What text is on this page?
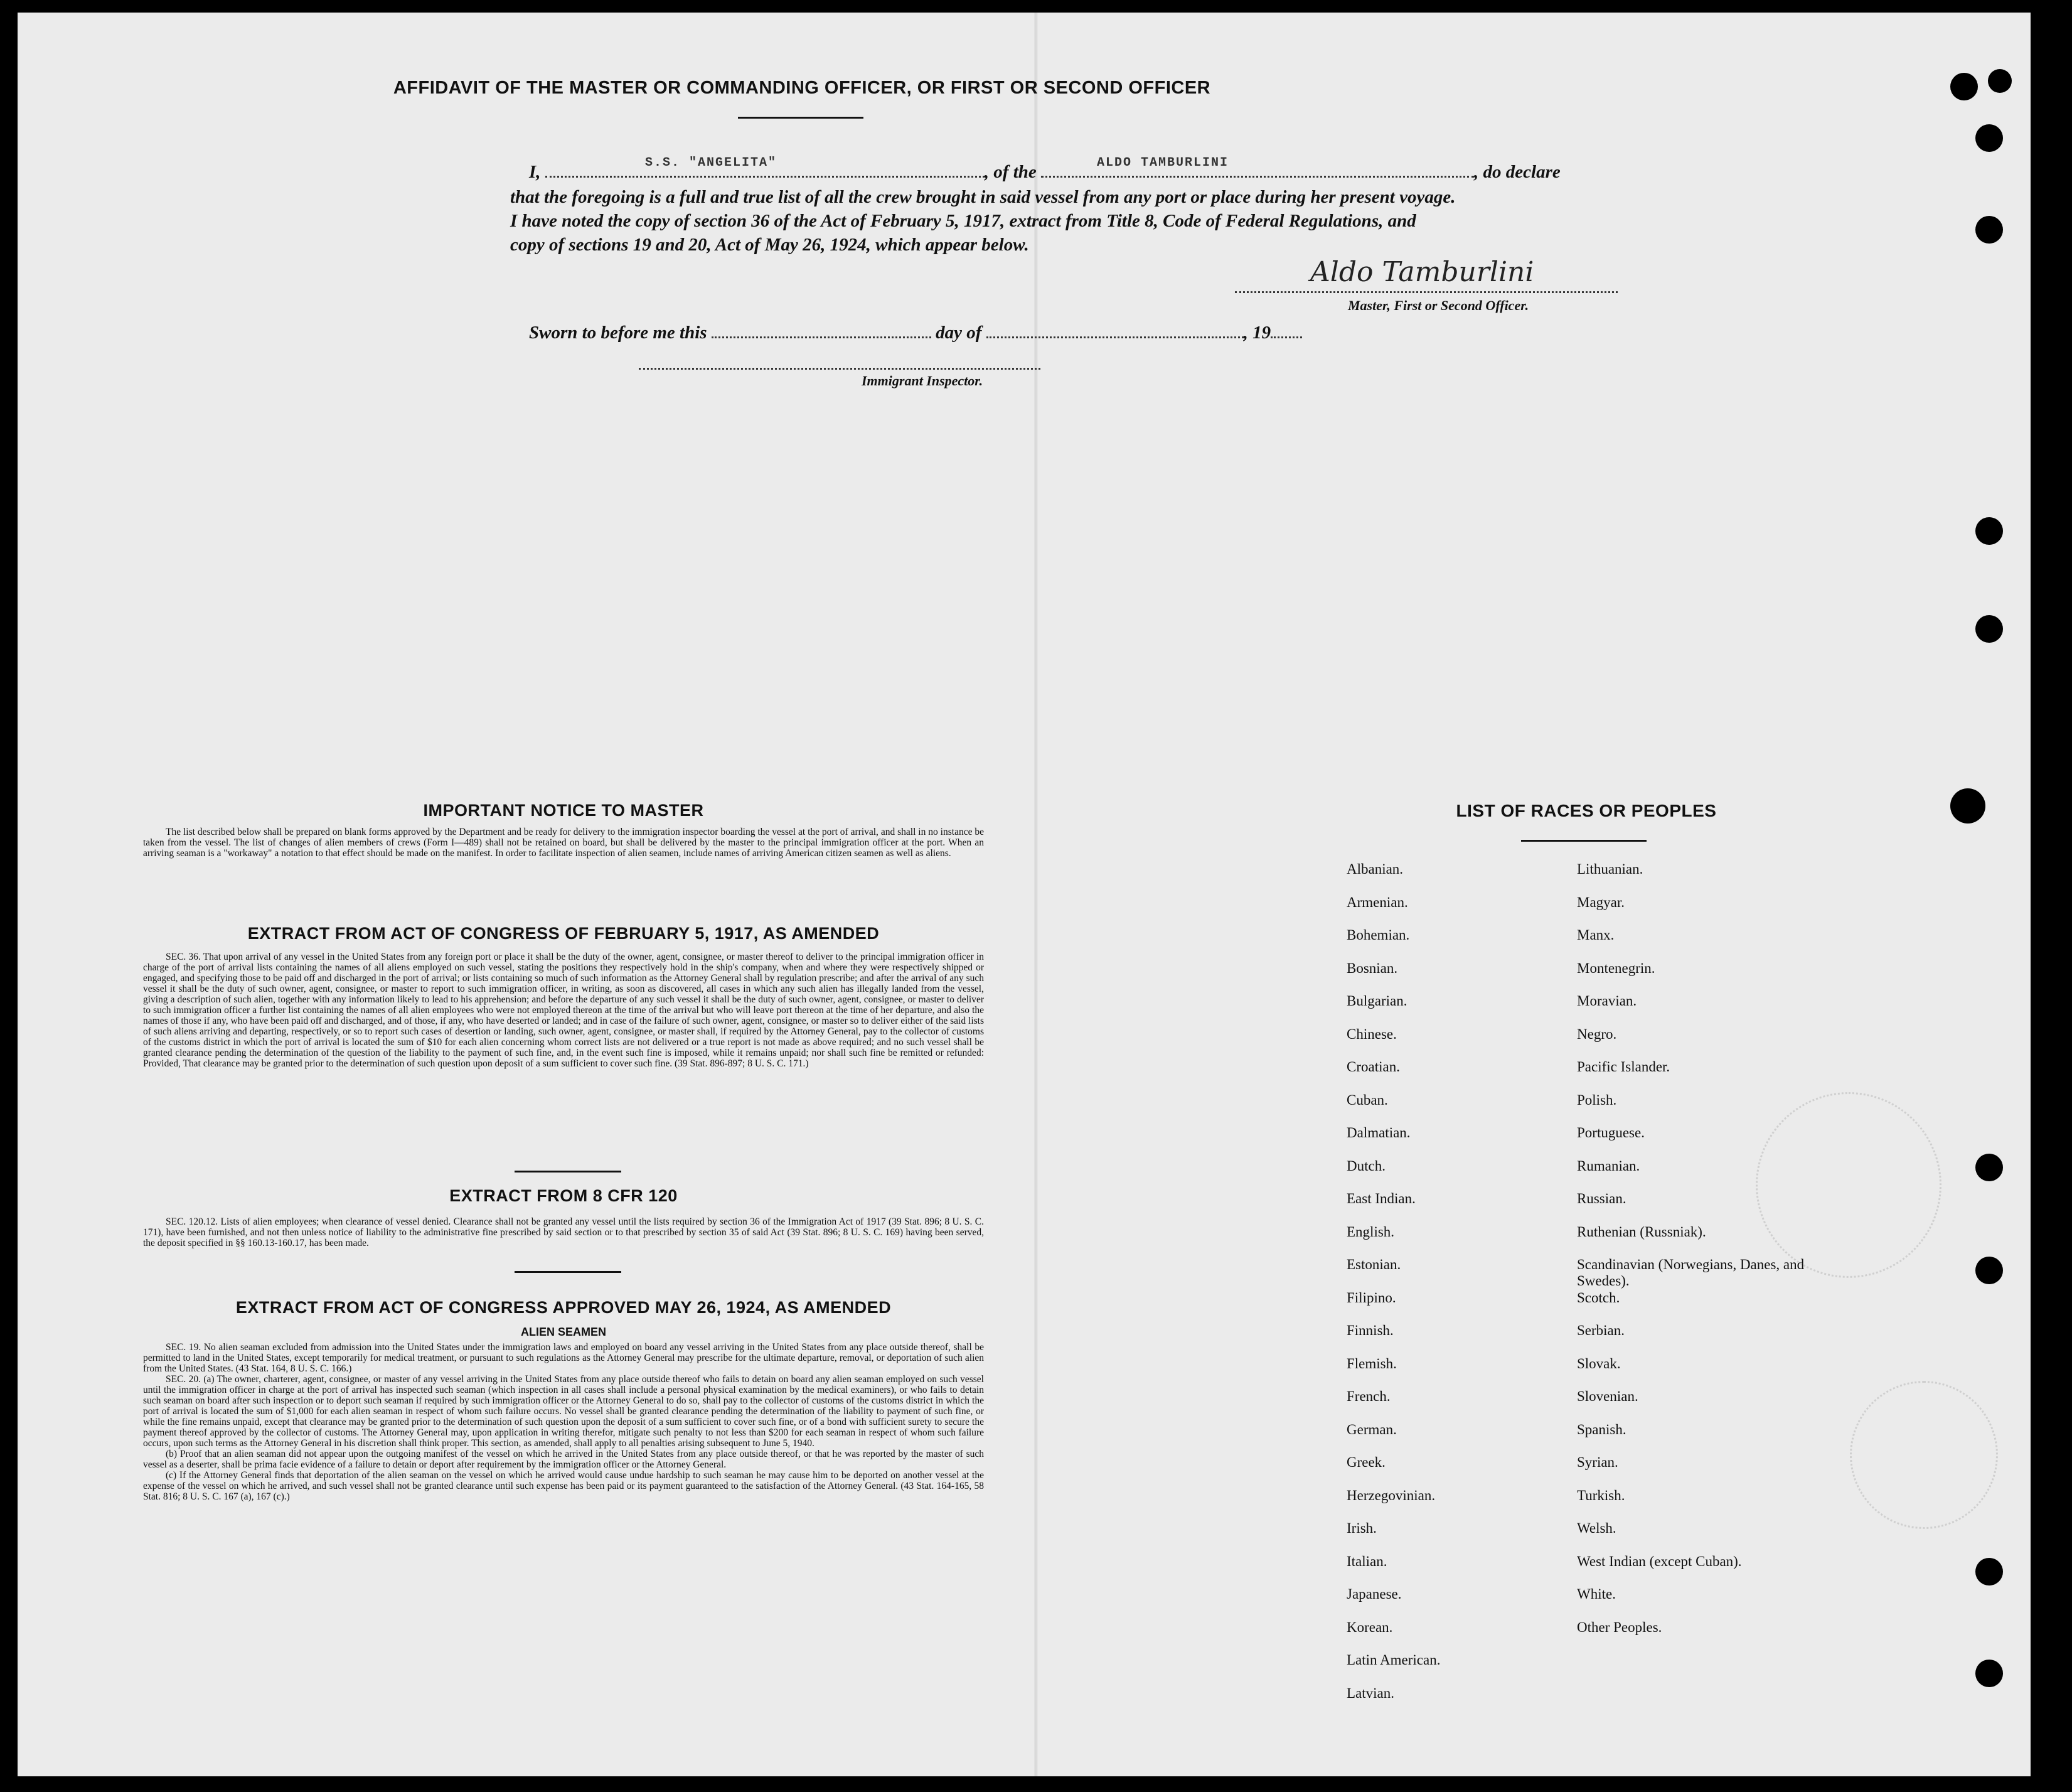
AFFIDAVIT OF THE MASTER OR COMMANDING OFFICER, OR FIRST OR SECOND OFFICER
S.S. "ANGELITA"	ALDO TAMBURLINI
I,	, of the	, do declare
that the foregoing is a full and true list of all the crew brought in said vessel from any port or place during her present voyage.
I have noted the copy of section 36 of the Act of February 5, 1917, extract from Title 8, Code of Federal Regulations, and
copy of sections 19 and 20, Act of May 26, 1924, which appear below.
Aldo Tamburlini
Master, First or Second Officer.
Sworn to before me this	day of	, 19
Immigrant Inspector.
IMPORTANT NOTICE TO MASTER
The list described below shall be prepared on blank forms approved by the Department and be ready for delivery to the immigration inspector boarding the vessel at the port of arrival, and shall in no instance be taken from the vessel. The list of changes of alien members of crews (Form I—489) shall not be retained on board, but shall be delivered by the master to the principal immigration officer at the port. When an arriving seaman is a "workaway" a notation to that effect should be made on the manifest. In order to facilitate inspection of alien seamen, include names of arriving American citizen seamen as well as aliens.
EXTRACT FROM ACT OF CONGRESS OF FEBRUARY 5, 1917, AS AMENDED
SEC. 36. That upon arrival of any vessel in the United States from any foreign port or place it shall be the duty of the owner, agent, consignee, or master thereof to deliver to the principal immigration officer in charge of the port of arrival lists containing the names of all aliens employed on such vessel, stating the positions they respectively hold in the ship's company, when and where they were respectively shipped or engaged, and specifying those to be paid off and discharged in the port of arrival; or lists containing so much of such information as the Attorney General shall by regulation prescribe; and after the arrival of any such vessel it shall be the duty of such owner, agent, consignee, or master to report to such immigration officer, in writing, as soon as discovered, all cases in which any such alien has illegally landed from the vessel, giving a description of such alien, together with any information likely to lead to his apprehension; and before the departure of any such vessel it shall be the duty of such owner, agent, consignee, or master to deliver to such immigration officer a further list containing the names of all alien employees who were not employed thereon at the time of the arrival but who will leave port thereon at the time of her departure, and also the names of those if any, who have been paid off and discharged, and of those, if any, who have deserted or landed; and in case of the failure of such owner, agent, consignee, or master so to deliver either of the said lists of such aliens arriving and departing, respectively, or so to report such cases of desertion or landing, such owner, agent, consignee, or master shall, if required by the Attorney General, pay to the collector of customs of the customs district in which the port of arrival is located the sum of $10 for each alien concerning whom correct lists are not delivered or a true report is not made as above required; and no such vessel shall be granted clearance pending the determination of the question of the liability to the payment of such fine, and, in the event such fine is imposed, while it remains unpaid; nor shall such fine be remitted or refunded: Provided, That clearance may be granted prior to the determination of such question upon deposit of a sum sufficient to cover such fine. (39 Stat. 896-897; 8 U. S. C. 171.)
EXTRACT FROM 8 CFR 120
SEC. 120.12. Lists of alien employees; when clearance of vessel denied. Clearance shall not be granted any vessel until the lists required by section 36 of the Immigration Act of 1917 (39 Stat. 896; 8 U. S. C. 171), have been furnished, and not then unless notice of liability to the administrative fine prescribed by said section or to that prescribed by section 35 of said Act (39 Stat. 896; 8 U. S. C. 169) having been served, the deposit specified in §§ 160.13-160.17, has been made.
EXTRACT FROM ACT OF CONGRESS APPROVED MAY 26, 1924, AS AMENDED
ALIEN SEAMEN

SEC. 19. No alien seaman excluded from admission into the United States under the immigration laws and employed on board any vessel arriving in the United States from any place outside thereof, shall be permitted to land in the United States, except temporarily for medical treatment, or pursuant to such regulations as the Attorney General may prescribe for the ultimate departure, removal, or deportation of such alien from the United States. (43 Stat. 164, 8 U. S. C. 166.)

SEC. 20. (a) The owner, charterer, agent, consignee, or master of any vessel arriving in the United States from any place outside thereof who fails to detain on board any alien seaman employed on such vessel until the immigration officer in charge at the port of arrival has inspected such seaman (which inspection in all cases shall include a personal physical examination by the medical examiners), or who fails to detain such seaman on board after such inspection or to deport such seaman if required by such immigration officer or the Attorney General to do so, shall pay to the collector of customs of the customs district in which the port of arrival is located the sum of $1,000 for each alien seaman in respect of whom such failure occurs. No vessel shall be granted clearance pending the determination of the liability to payment of such fine, or while the fine remains unpaid, except that clearance may be granted prior to the determination of such question upon the deposit of a sum sufficient to cover such fine, or of a bond with sufficient surety to secure the payment thereof approved by the collector of customs. The Attorney General may, upon application in writing therefor, mitigate such penalty to not less than $200 for each seaman in respect of whom such failure occurs, upon such terms as the Attorney General in his discretion shall think proper. This section, as amended, shall apply to all penalties arising subsequent to June 5, 1940.

(b) Proof that an alien seaman did not appear upon the outgoing manifest of the vessel on which he arrived in the United States from any place outside thereof, or that he was reported by the master of such vessel as a deserter, shall be prima facie evidence of a failure to detain or deport after requirement by the immigration officer or the Attorney General.

(c) If the Attorney General finds that deportation of the alien seaman on the vessel on which he arrived would cause undue hardship to such seaman he may cause him to be deported on another vessel at the expense of the vessel on which he arrived, and such vessel shall not be granted clearance until such expense has been paid or its payment guaranteed to the satisfaction of the Attorney General. (43 Stat. 164-165, 58 Stat. 816; 8 U. S. C. 167 (a), 167 (c).)

LIST OF RACES OR PEOPLES
Albanian.
Armenian.
Bohemian.
Bosnian.
Bulgarian.
Chinese.
Croatian.
Cuban.
Dalmatian.
Dutch.
East Indian.
English.
Estonian.
Filipino.
Finnish.
Flemish.
French.
German.
Greek.
Herzegovinian.
Irish.
Italian.
Japanese.
Korean.
Latin American.
Latvian.
Lithuanian.
Magyar.
Manx.
Montenegrin.
Moravian.
Negro.
Pacific Islander.
Polish.
Portuguese.
Rumanian.
Russian.
Ruthenian (Russniak).
Scandinavian (Norwegians, Danes, and Swedes).
Scotch.
Serbian.
Slovak.
Slovenian.
Spanish.
Syrian.
Turkish.
Welsh.
West Indian (except Cuban).
White.
Other Peoples.
